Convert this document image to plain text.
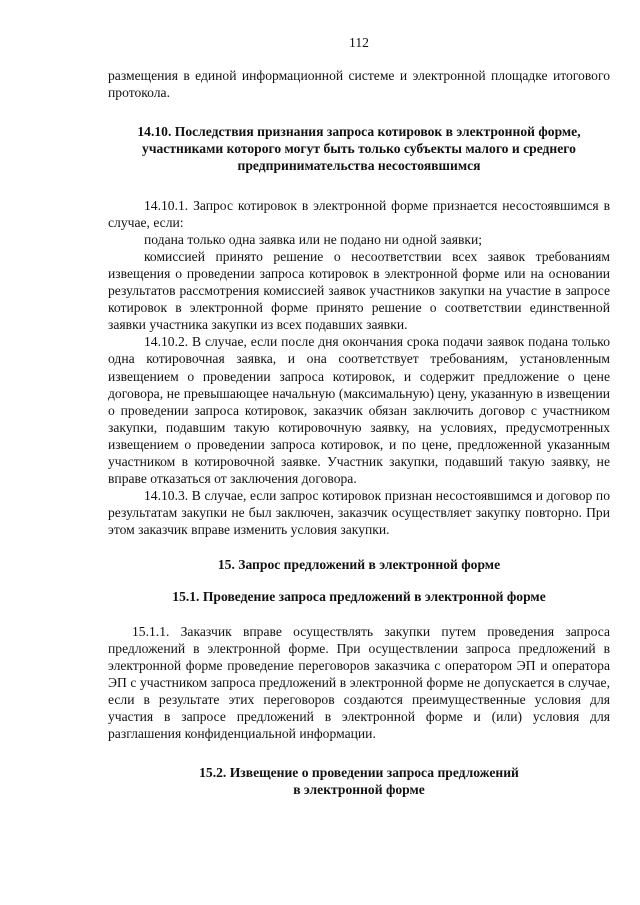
112

размещения в единой информационной системе и электронной площадке итогового протокола.

14.10. Последствия признания запроса котировок в электронной форме, участниками которого могут быть только субъекты малого и среднего предпринимательства несостоявшимся

14.10.1. Запрос котировок в электронной форме признается несостоявшимся в случае, если:

подана только одна заявка или не подано ни одной заявки;

комиссией принято решение о несоответствии всех заявок требованиям извещения о проведении запроса котировок в электронной форме или на основании результатов рассмотрения комиссией заявок участников закупки на участие в запросе котировок в электронной форме принято решение о соответствии единственной заявки участника закупки из всех подавших заявки.

14.10.2. В случае, если после дня окончания срока подачи заявок подана только одна котировочная заявка, и она соответствует требованиям, установленным извещением о проведении запроса котировок, и содержит предложение о цене договора, не превышающее начальную (максимальную) цену, указанную в извещении о проведении запроса котировок, заказчик обязан заключить договор с участником закупки, подавшим такую котировочную заявку, на условиях, предусмотренных извещением о проведении запроса котировок, и по цене, предложенной указанным участником в котировочной заявке. Участник закупки, подавший такую заявку, не вправе отказаться от заключения договора.

14.10.3. В случае, если запрос котировок признан несостоявшимся и договор по результатам закупки не был заключен, заказчик осуществляет закупку повторно. При этом заказчик вправе изменить условия закупки.

15. Запрос предложений в электронной форме

15.1. Проведение запроса предложений в электронной форме

15.1.1. Заказчик вправе осуществлять закупки путем проведения запроса предложений в электронной форме. При осуществлении запроса предложений в электронной форме проведение переговоров заказчика с оператором ЭП и оператора ЭП с участником запроса предложений в электронной форме не допускается в случае, если в результате этих переговоров создаются преимущественные условия для участия в запросе предложений в электронной форме и (или) условия для разглашения конфиденциальной информации.

15.2. Извещение о проведении запроса предложений

в электронной форме
